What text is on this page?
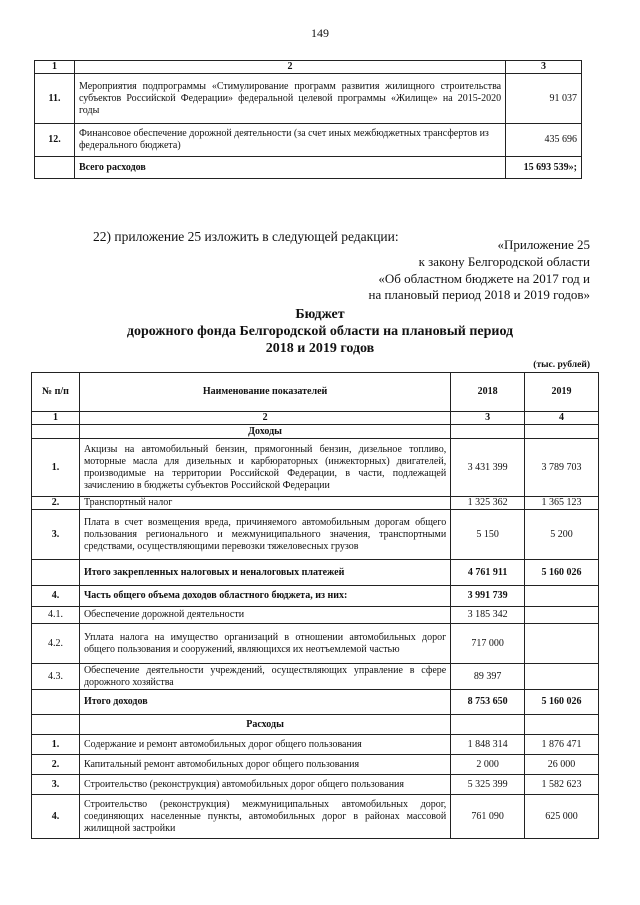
149
1	2	3
11.	Мероприятия подпрограммы «Стимулирование программ развития жилищного строительства субъектов Российской Федерации» федеральной целевой программы «Жилище» на 2015-2020 годы	91 037
12.	Финансовое обеспечение дорожной деятельности (за счет иных межбюджетных трансфертов из федерального бюджета)	435 696
	Всего расходов	15 693 539»;
22) приложение 25 изложить в следующей редакции:
«Приложение 25
к закону Белгородской области
«Об областном бюджете на 2017 год и
на плановый период 2018 и 2019 годов»
Бюджет
дорожного фонда Белгородской области на плановый период
2018 и 2019 годов
(тыс. рублей)
№ п/п	Наименование показателей	2018	2019
1	2	3	4
	Доходы		
1.	Акцизы на автомобильный бензин, прямогонный бензин, дизельное топливо, моторные масла для дизельных и карбюраторных (инжекторных) двигателей, производимые на территории Российской Федерации, в части, подлежащей зачислению в бюджеты субъектов Российской Федерации	3 431 399	3 789 703
2.	Транспортный налог	1 325 362	1 365 123
3.	Плата в счет возмещения вреда, причиняемого автомобильным дорогам общего пользования регионального и межмуниципального значения, транспортными средствами, осуществляющими перевозки тяжеловесных грузов	5 150	5 200
	Итого закрепленных налоговых и неналоговых платежей	4 761 911	5 160 026
4.	Часть общего объема доходов областного бюджета, из них:	3 991 739	
4.1.	Обеспечение дорожной деятельности	3 185 342	
4.2.	Уплата налога на имущество организаций в отношении автомобильных дорог общего пользования и сооружений, являющихся их неотъемлемой частью	717 000	
4.3.	Обеспечение деятельности учреждений, осуществляющих управление в сфере дорожного хозяйства	89 397	
	Итого доходов	8 753 650	5 160 026
	Расходы		
1.	Содержание и ремонт автомобильных дорог общего пользования	1 848 314	1 876 471
2.	Капитальный ремонт автомобильных дорог общего пользования	2 000	26 000
3.	Строительство (реконструкция) автомобильных дорог общего пользования	5 325 399	1 582 623
4.	Строительство (реконструкция) межмуниципальных автомобильных дорог, соединяющих населенные пункты, автомобильных дорог в районах массовой жилищной застройки	761 090	625 000
